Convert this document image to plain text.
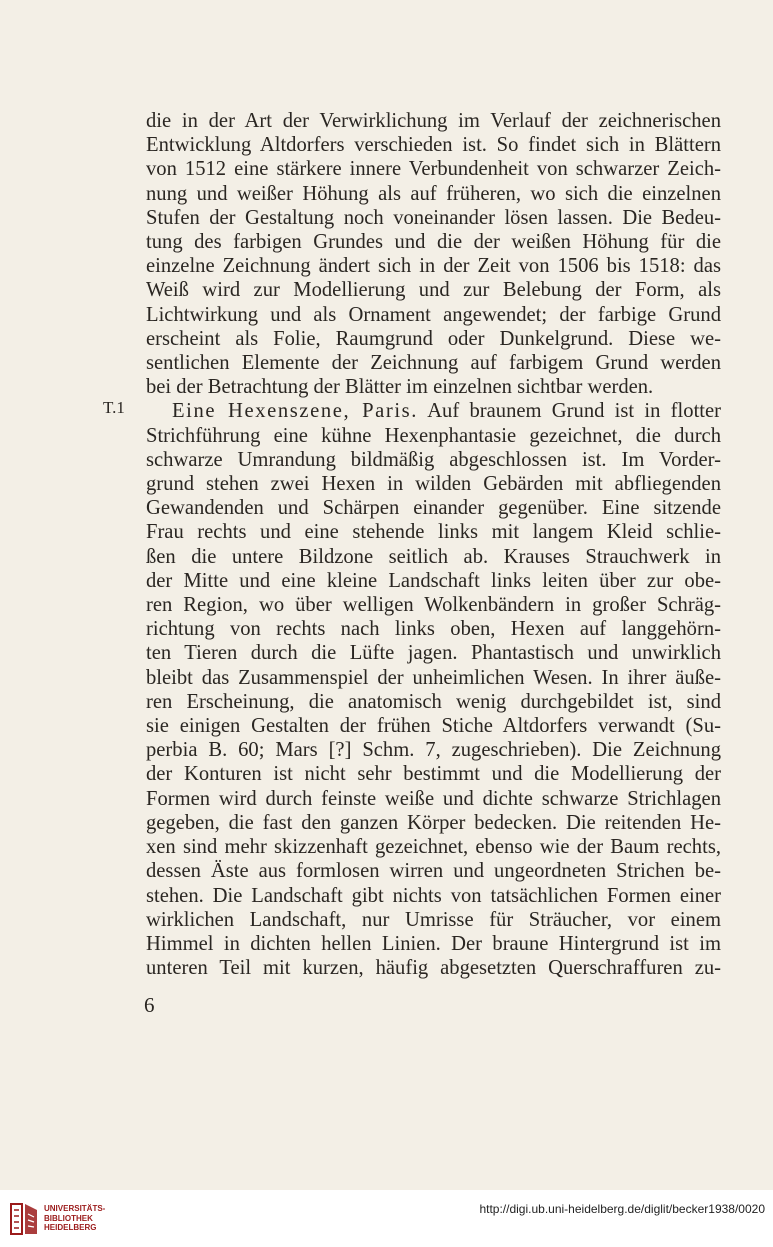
T.1
die in der Art der Verwirklichung im Verlauf der zeichnerischen
Entwicklung Altdorfers verschieden ist. So findet sich in Blättern
von 1512 eine stärkere innere Verbundenheit von schwarzer Zeich-
nung und weißer Höhung als auf früheren, wo sich die einzelnen
Stufen der Gestaltung noch voneinander lösen lassen. Die Bedeu-
tung des farbigen Grundes und die der weißen Höhung für die
einzelne Zeichnung ändert sich in der Zeit von 1506 bis 1518: das
Weiß wird zur Modellierung und zur Belebung der Form, als
Lichtwirkung und als Ornament angewendet; der farbige Grund
erscheint als Folie, Raumgrund oder Dunkelgrund. Diese we-
sentlichen Elemente der Zeichnung auf farbigem Grund werden
bei der Betrachtung der Blätter im einzelnen sichtbar werden.
Eine Hexenszene, Paris. Auf braunem Grund ist in flotter
Strichführung eine kühne Hexenphantasie gezeichnet, die durch
schwarze Umrandung bildmäßig abgeschlossen ist. Im Vorder-
grund stehen zwei Hexen in wilden Gebärden mit abfliegenden
Gewandenden und Schärpen einander gegenüber. Eine sitzende
Frau rechts und eine stehende links mit langem Kleid schlie-
ßen die untere Bildzone seitlich ab. Krauses Strauchwerk in
der Mitte und eine kleine Landschaft links leiten über zur obe-
ren Region, wo über welligen Wolkenbändern in großer Schräg-
richtung von rechts nach links oben, Hexen auf langgehörn-
ten Tieren durch die Lüfte jagen. Phantastisch und unwirklich
bleibt das Zusammenspiel der unheimlichen Wesen. In ihrer äuße-
ren Erscheinung, die anatomisch wenig durchgebildet ist, sind
sie einigen Gestalten der frühen Stiche Altdorfers verwandt (Su-
perbia B. 60; Mars [?] Schm. 7, zugeschrieben). Die Zeichnung
der Konturen ist nicht sehr bestimmt und die Modellierung der
Formen wird durch feinste weiße und dichte schwarze Strichlagen
gegeben, die fast den ganzen Körper bedecken. Die reitenden He-
xen sind mehr skizzenhaft gezeichnet, ebenso wie der Baum rechts,
dessen Äste aus formlosen wirren und ungeordneten Strichen be-
stehen. Die Landschaft gibt nichts von tatsächlichen Formen einer
wirklichen Landschaft, nur Umrisse für Sträucher, vor einem
Himmel in dichten hellen Linien. Der braune Hintergrund ist im
unteren Teil mit kurzen, häufig abgesetzten Querschraffuren zu-
6
UNIVERSITÄTS-
BIBLIOTHEK
HEIDELBERG
http://digi.ub.uni-heidelberg.de/diglit/becker1938/0020
